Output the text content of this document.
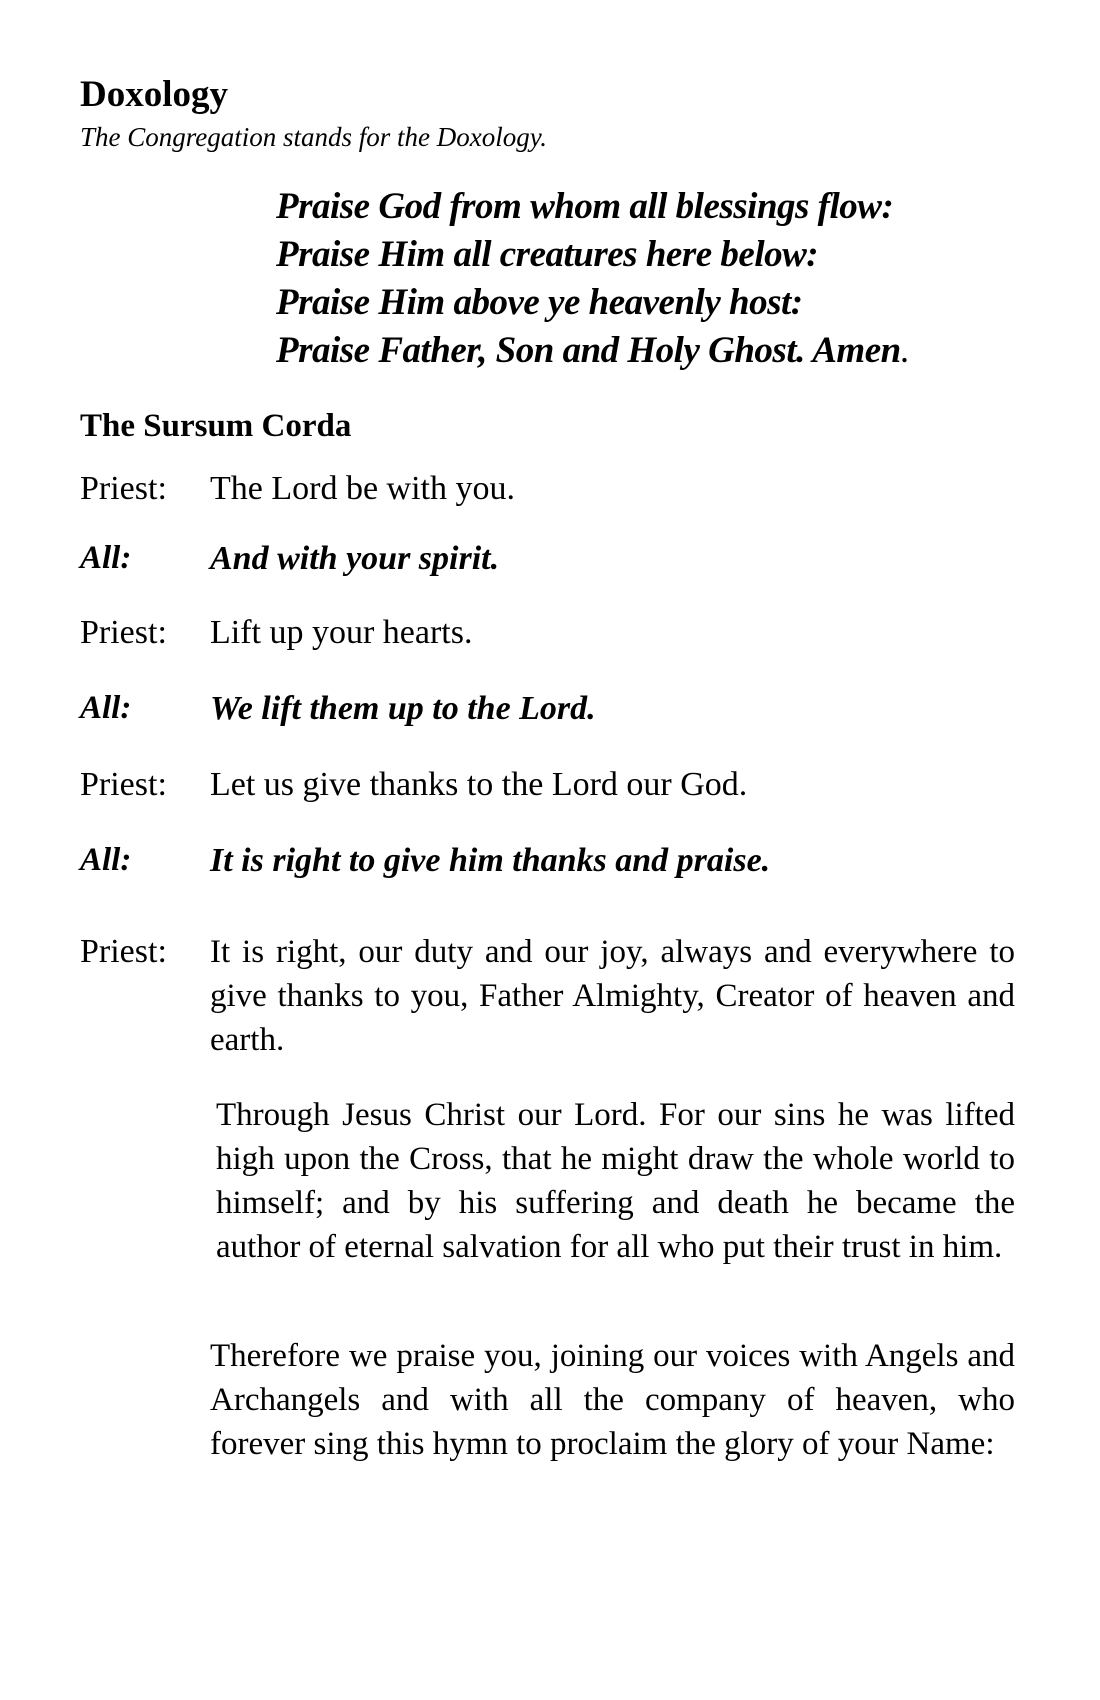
Doxology

The Congregation stands for the Doxology.

Praise God from whom all blessings flow:
Praise Him all creatures here below:
Praise Him above ye heavenly host:
Praise Father, Son and Holy Ghost. Amen.
The Sursum Corda
Priest: The Lord be with you.
All: And with your spirit.
Priest: Lift up your hearts.
All: We lift them up to the Lord.
Priest: Let us give thanks to the Lord our God.
All: It is right to give him thanks and praise.
Priest: It is right, our duty and our joy, always and everywhere to give thanks to you, Father Almighty, Creator of heaven and earth.

Through Jesus Christ our Lord. For our sins he was lifted high upon the Cross, that he might draw the whole world to himself; and by his suffering and death he became the author of eternal salvation for all who put their trust in him.

Therefore we praise you, joining our voices with Angels and Archangels and with all the company of heaven, who forever sing this hymn to proclaim the glory of your Name:
